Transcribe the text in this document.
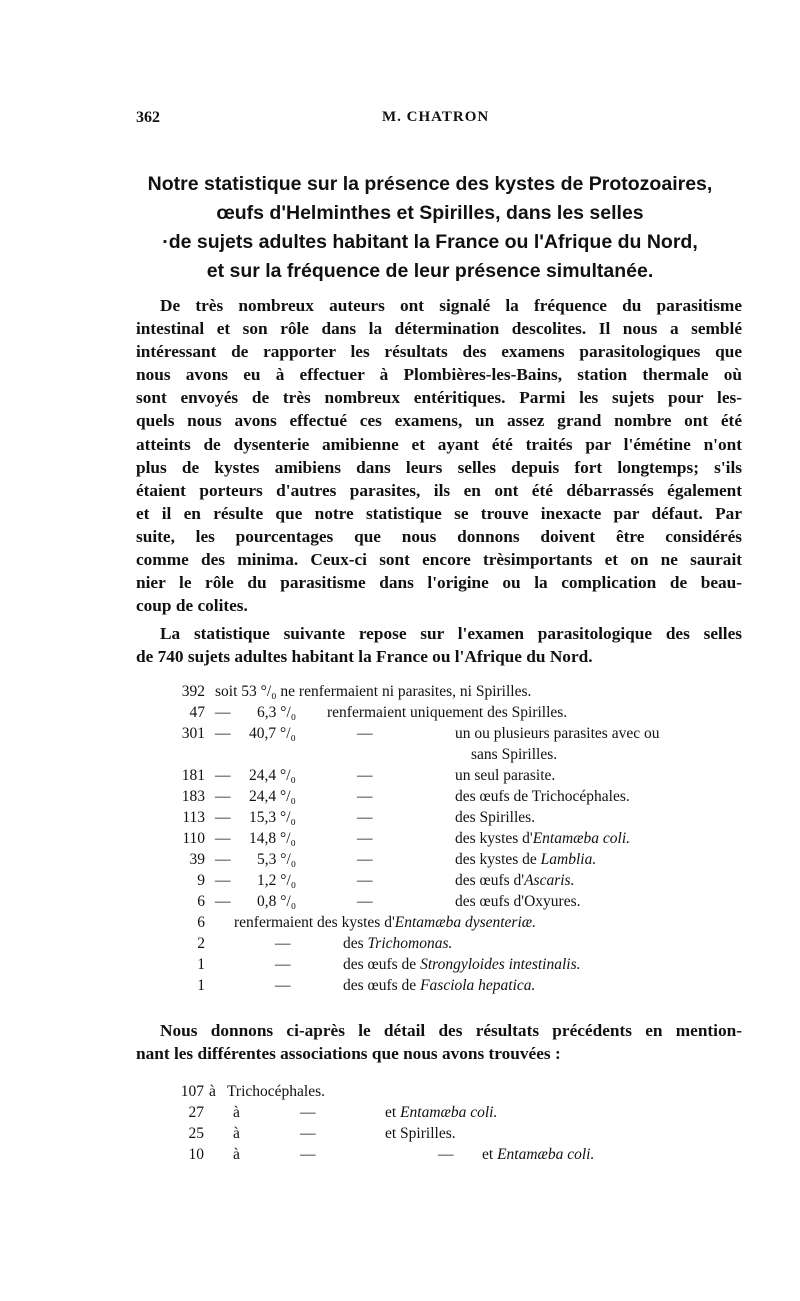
362	M. CHATRON
Notre statistique sur la présence des kystes de Protozoaires,
œufs d'Helminthes et Spirilles, dans les selles
·de sujets adultes habitant la France ou l'Afrique du Nord,
et sur la fréquence de leur présence simultanée.
De très nombreux auteurs ont signalé la fréquence du parasitisme
intestinal et son rôle dans la détermination descolites. Il nous a semblé
intéressant de rapporter les résultats des examens parasitologiques que
nous avons eu à effectuer à Plombières-les-Bains, station thermale où
sont envoyés de très nombreux entéritiques. Parmi les sujets pour les-
quels nous avons effectué ces examens, un assez grand nombre ont été
atteints de dysenterie amibienne et ayant été traités par l'émétine n'ont
plus de kystes amibiens dans leurs selles depuis fort longtemps; s'ils
étaient porteurs d'autres parasites, ils en ont été débarrassés également
et il en résulte que notre statistique se trouve inexacte par défaut. Par
suite, les pourcentages que nous donnons doivent être considérés
comme des minima. Ceux-ci sont encore trèsimportants et on ne saurait
nier le rôle du parasitisme dans l'origine ou la complication de beau-
coup de colites.
La statistique suivante repose sur l'examen parasitologique des selles
de 740 sujets adultes habitant la France ou l'Afrique du Nord.
392 soit 53 °/₀ ne renfermaient ni parasites, ni Spirilles.
47 — 6,3 °/₀ renfermaient uniquement des Spirilles.
301 — 40,7 °/₀	—	un ou plusieurs parasites avec ou
sans Spirilles.
181 — 24,4 °/₀	—	un seul parasite.
183 — 24,4 °/₀	—	des œufs de Trichocéphales.
113 — 15,3 °/₀	—	des Spirilles.
110 — 14,8 °/₀	—	des kystes d'Entamæba coli.
39 — 5,3 °/₀	—	des kystes de Lamblia.
9 — 1,2 °/₀	—	des œufs d'Ascaris.
6 — 0,8 °/₀	—	des œufs d'Oxyures.
6 renfermaient des kystes d'Entamæba dysenteriæ.
2	—	des Trichomonas.
1	—	des œufs de Strongyloides intestinalis.
1	—	des œufs de Fasciola hepatica.
Nous donnons ci-après le détail des résultats précédents en mention-
nant les différentes associations que nous avons trouvées :
107 à Trichocéphales.
27 à	—	et Entamæba coli.
25 à	—	et Spirilles.
10 à	—	— et Entamæba coli.
